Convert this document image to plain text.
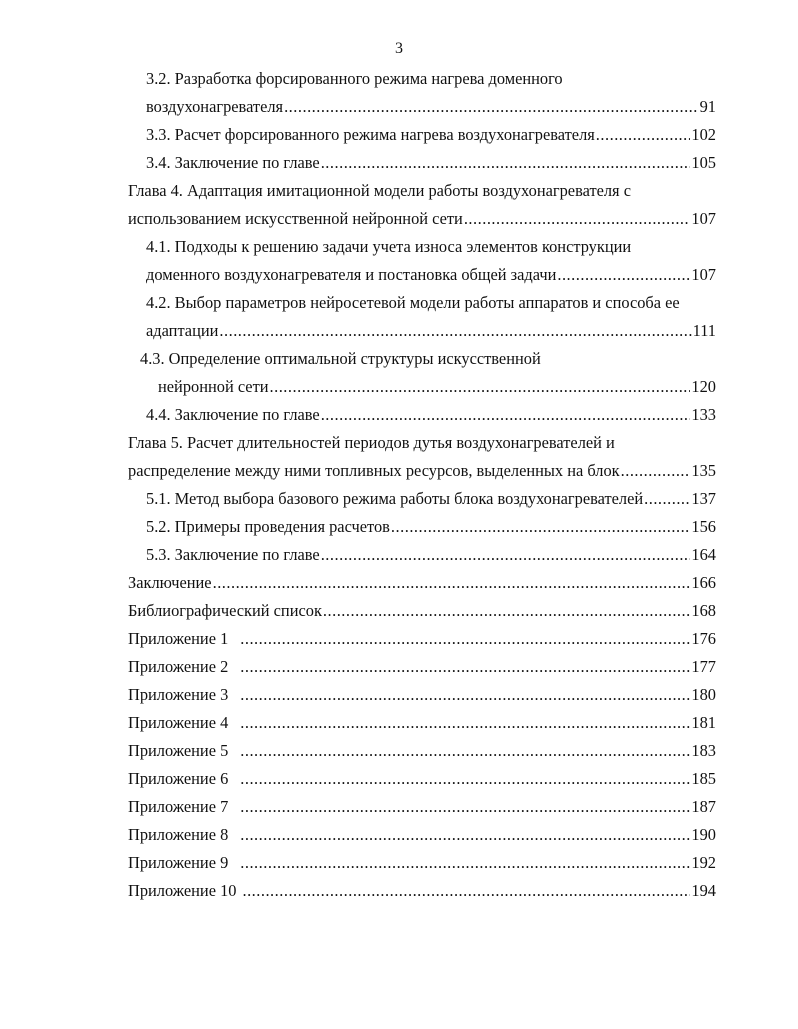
3
3.2. Разработка форсированного режима нагрева доменного
воздухонагревателя .....	91
3.3. Расчет форсированного режима нагрева воздухонагревателя .....	102
3.4. Заключение по главе .....	105
Глава 4. Адаптация имитационной модели работы воздухонагревателя с
использованием искусственной нейронной сети .....	107
4.1. Подходы к решению задачи учета износа элементов конструкции
доменного воздухонагревателя и постановка общей задачи .....	107
4.2. Выбор параметров нейросетевой модели работы аппаратов и способа ее
адаптации .....	111
4.3. Определение оптимальной структуры искусственной
нейронной сети .....	120
4.4. Заключение по главе .....	133
Глава 5. Расчет длительностей периодов дутья воздухонагревателей и
распределение между ними топливных ресурсов, выделенных на блок .....	135
5.1. Метод выбора базового режима работы блока воздухонагревателей .....	137
5.2. Примеры проведения расчетов .....	156
5.3. Заключение по главе .....	164
Заключение .....	166
Библиографический список .....	168
Приложение 1 .....	176
Приложение 2 .....	177
Приложение 3 .....	180
Приложение 4 .....	181
Приложение 5 .....	183
Приложение 6 .....	185
Приложение 7 .....	187
Приложение 8 .....	190
Приложение 9 .....	192
Приложение 10 .....	194
